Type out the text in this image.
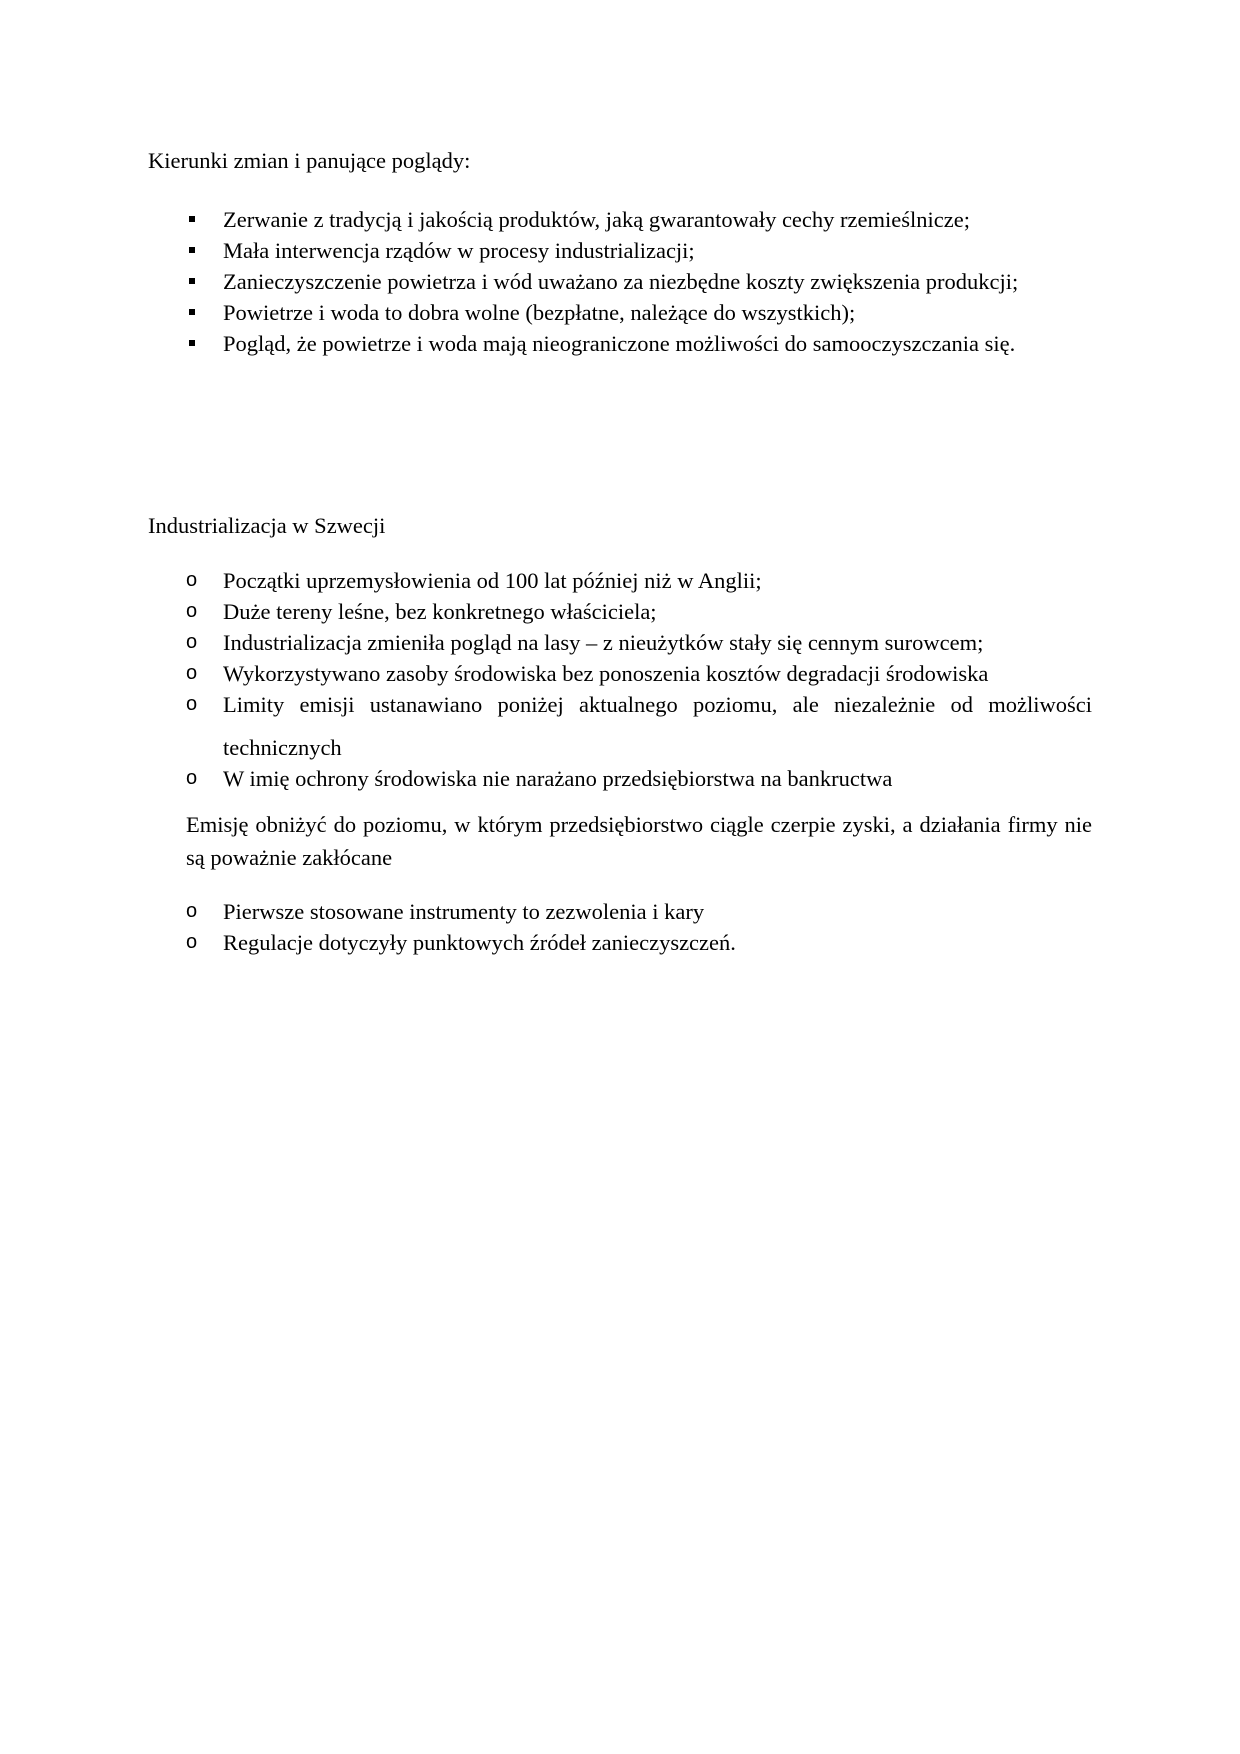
Kierunki zmian i panujące poglądy:

Zerwanie z tradycją i jakością produktów, jaką gwarantowały cechy rzemieślnicze;
Mała interwencja rządów w procesy industrializacji;
Zanieczyszczenie powietrza i wód uważano za niezbędne koszty zwiększenia produkcji;
Powietrze i woda to dobra wolne (bezpłatne, należące do wszystkich);
Pogląd, że powietrze i woda mają nieograniczone możliwości do samooczyszczania się.

Industrializacja w Szwecji

o Początki uprzemysłowienia od 100 lat później niż w Anglii;
o Duże tereny leśne, bez konkretnego właściciela;
o Industrializacja zmieniła pogląd na lasy – z nieużytków stały się cennym surowcem;
o Wykorzystywano zasoby środowiska bez ponoszenia kosztów degradacji środowiska
o Limity emisji ustanawiano poniżej aktualnego poziomu, ale niezależnie od możliwości technicznych
o W imię ochrony środowiska nie narażano przedsiębiorstwa na bankructwa

Emisję obniżyć do poziomu, w którym przedsiębiorstwo ciągle czerpie zyski, a działania firmy nie są poważnie zakłócane

o Pierwsze stosowane instrumenty to zezwolenia i kary
o Regulacje dotyczyły punktowych źródeł zanieczyszczeń.
